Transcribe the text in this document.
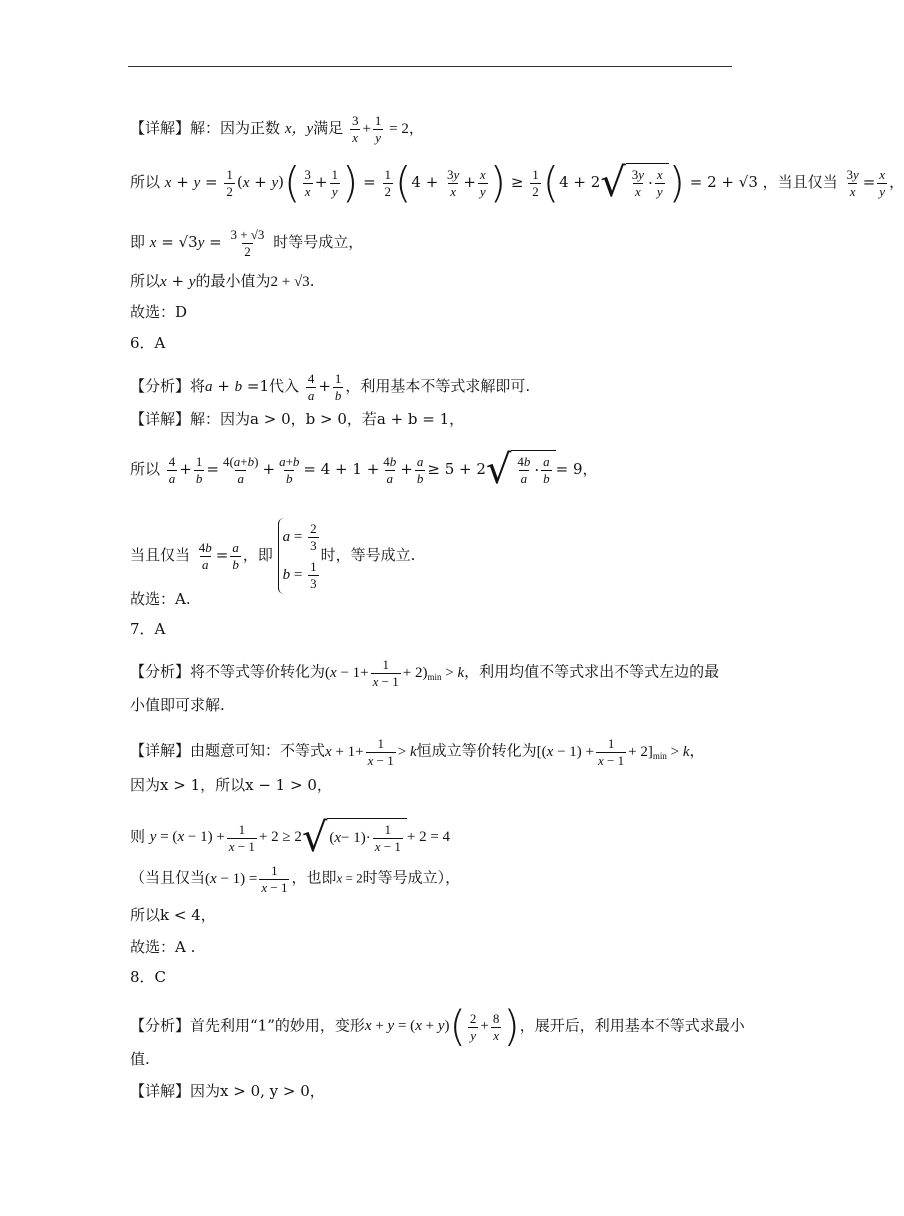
【详解】解：因为正数 x，y满足 $\frac{3}{x} + \frac{1}{y} = 2$，
所以 $x + y = \frac{1}{2} (x + y)( \frac{3}{x} + \frac{1}{y}$ ) = $\frac{1}{2} (4 + \frac{3y}{x} + \frac{x}{y}$ ) ≥ $\frac{1}{2} (4 + 2$ √ $\frac{3y}{x} \cdot \frac{x}{y}$ ) = 2 + √3 ，当且仅当 $\frac{3y}{x} = \frac{x}{y}$ ，
即 $x = √3y = \frac{3 + √3}{2}$ 时等号成立，
所以x + y的最小值为2 + √3.
故选：D
6．A
【分析】将a + b =1代入 $\frac{4}{a} + \frac{1}{b}$ ，利用基本不等式求解即可.
【详解】解：因为a > 0，b > 0，若a + b = 1，
所以 $\frac{4}{a} + \frac{1}{b} = \frac{4(a+b)}{a} + \frac{a+b}{b} = 4 + 1 + \frac{4b}{a} + \frac{a}{b} \ge 5 + 2$ √ $\frac{4b}{a} \cdot \frac{a}{b} = 9$，
当且仅当 $\frac{4b}{a} = \frac{a}{b}$ ，即
$a = \frac{2}{3}$
$b = \frac{1}{3}$
时，等号成立.
故选：A.
7．A
【分析】将不等式等价转化为$(x - 1+ \frac{1}{x - 1} + 2)_{min} > k$，利用均值不等式求出不等式左边的最
小值即可求解.
【详解】由题意可知：不等式$x + 1+ \frac{1}{x - 1} > k$恒成立等价转化为$[(x - 1) + \frac{1}{x - 1} + 2]_{min} > k$，
因为x > 1，所以x − 1 > 0，
则 $y = (x - 1) + \frac{1}{x - 1} + 2 \ge 2$ √ ( $x - 1)\cdot \frac{1}{x - 1} + 2 = 4$
（当且仅当$(x - 1) = \frac{1}{x - 1}$ ，也即x = 2时等号成立），
所以k < 4，
故选：A .
8．C
【分析】首先利用“1”的妙用，变形$x + y = (x + y)( \frac{2}{y} + \frac{8}{x}$ )，展开后，利用基本不等式求最小
值.
【详解】因为x > 0, y > 0，
